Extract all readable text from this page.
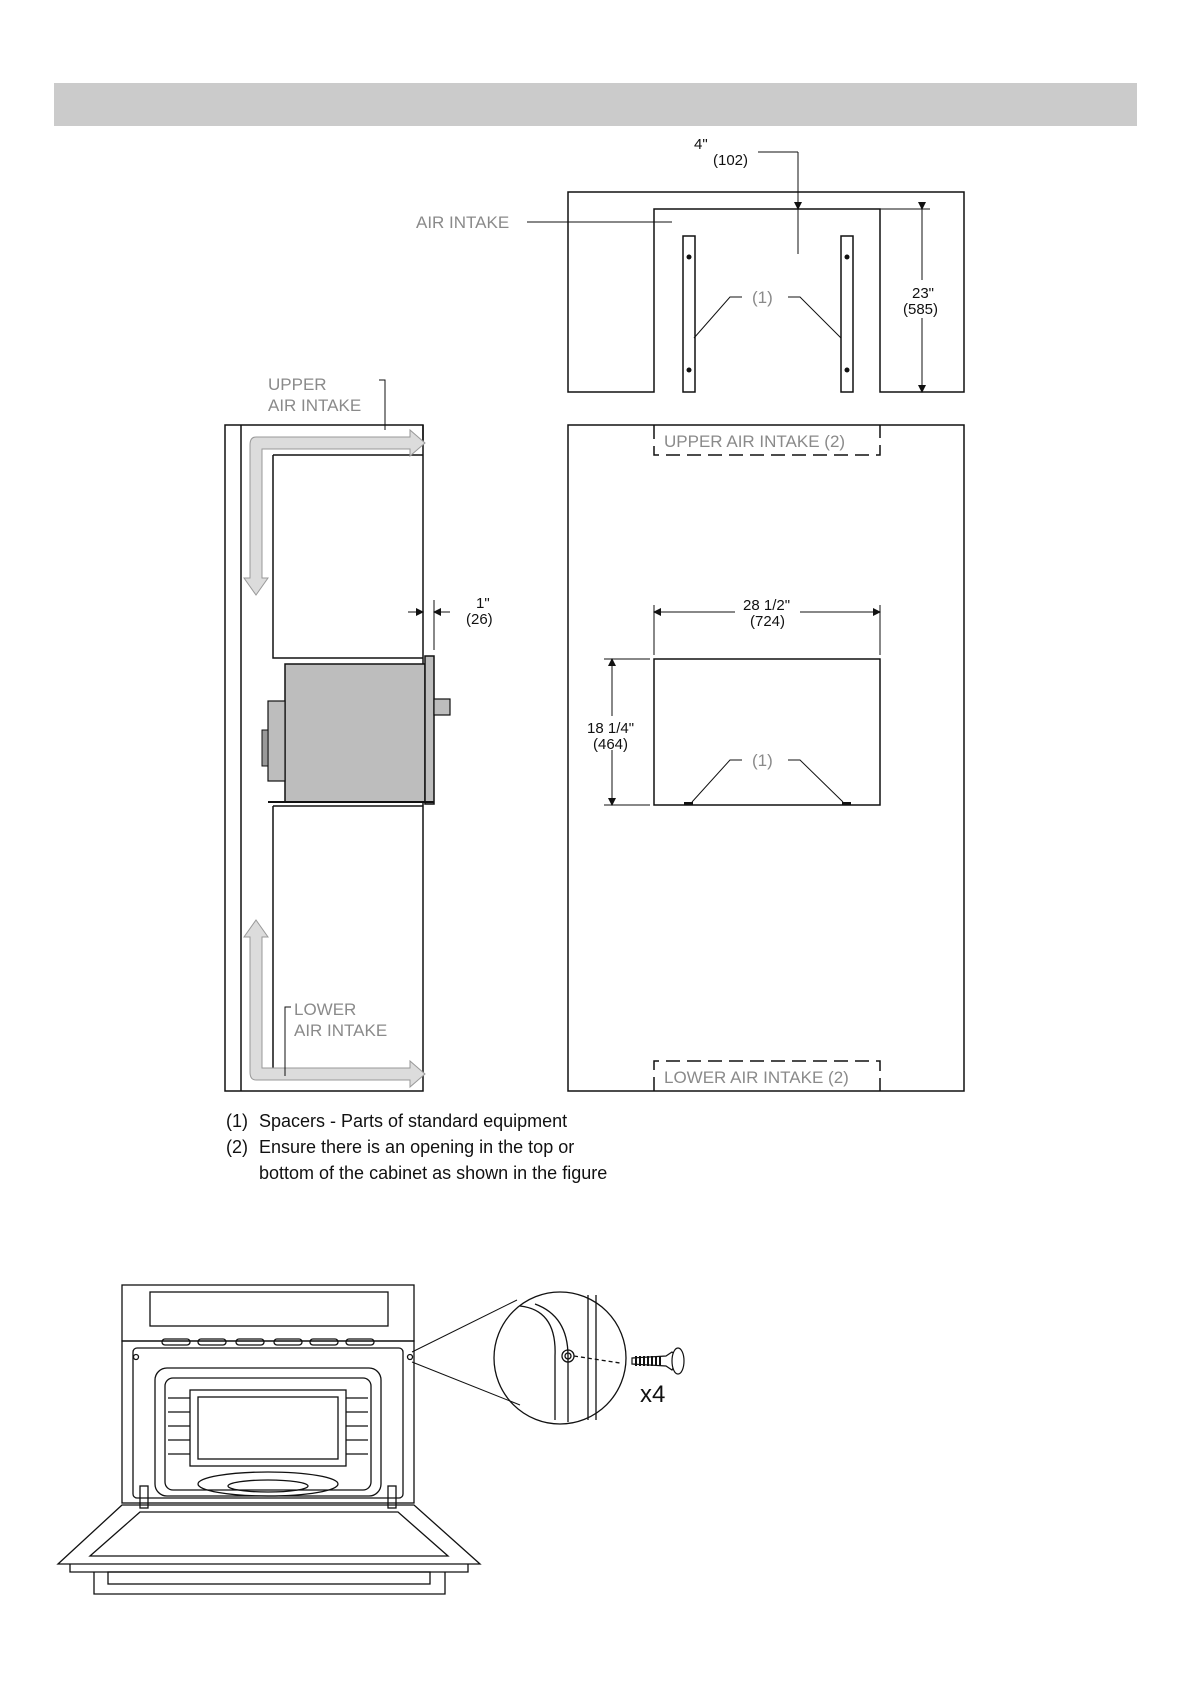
4"
(102)
AIR INTAKE
23"
(585)
(1)
1"
(26)
UPPER
AIR INTAKE
LOWER
AIR INTAKE
UPPER AIR INTAKE (2)
LOWER AIR INTAKE (2)
(1)
28 1/2"
(724)
18 1/4"
(464)
(1) Spacers - Parts of standard equipment
(2) Ensure there is an opening in the top or
bottom of the cabinet as shown in the figure
x4
